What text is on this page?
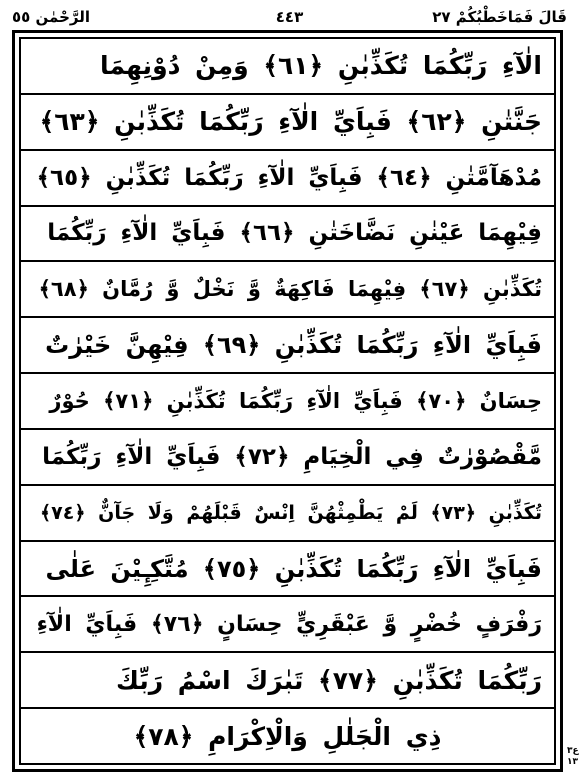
قَالَ فَمَاخَطْبُكُمْ ٢٧
٤٤٣
الرَّحْمٰن ٥٥
الٰآءِ رَبِّكُمَا تُكَذِّبٰنِ ﴿٦١﴾ وَمِنْ دُوْنِهِمَا
جَنَّتٰنِ ﴿٦٢﴾ فَبِاَيِّ الٰآءِ رَبِّكُمَا تُكَذِّبٰنِ ﴿٦٣﴾
مُدْهَآمَّتٰنِ ﴿٦٤﴾ فَبِاَيِّ الٰآءِ رَبِّكُمَا تُكَذِّبٰنِ ﴿٦٥﴾
فِيْهِمَا عَيْنٰنِ نَضَّاخَتٰنِ ﴿٦٦﴾ فَبِاَيِّ الٰآءِ رَبِّكُمَا
تُكَذِّبٰنِ ﴿٦٧﴾ فِيْهِمَا فَاكِهَةٌ وَّ نَخْلٌ وَّ رُمَّانٌ ﴿٦٨﴾
فَبِاَيِّ الٰآءِ رَبِّكُمَا تُكَذِّبٰنِ ﴿٦٩﴾ فِيْهِنَّ خَيْرٰتٌ
حِسَانٌ ﴿٧٠﴾ فَبِاَيِّ الٰآءِ رَبِّكُمَا تُكَذِّبٰنِ ﴿٧١﴾ حُوْرٌ
مَّقْصُوْرٰتٌ فِي الْخِيَامِ ﴿٧٢﴾ فَبِاَيِّ الٰآءِ رَبِّكُمَا
تُكَذِّبٰنِ ﴿٧٣﴾ لَمْ يَطْمِثْهُنَّ اِنْسٌ قَبْلَهُمْ وَلَا جَآنٌّ ﴿٧٤﴾
فَبِاَيِّ الٰآءِ رَبِّكُمَا تُكَذِّبٰنِ ﴿٧٥﴾ مُتَّكِـِٕيْنَ عَلٰى
رَفْرَفٍ خُضْرٍ وَّ عَبْقَرِيٍّ حِسَانٍ ﴿٧٦﴾ فَبِاَيِّ الٰآءِ
رَبِّكُمَا تُكَذِّبٰنِ ﴿٧٧﴾ تَبٰرَكَ اسْمُ رَبِّكَ
ذِي الْجَلٰلِ وَالْاِكْرَامِ ﴿٧٨﴾
ع٣ ١٣
